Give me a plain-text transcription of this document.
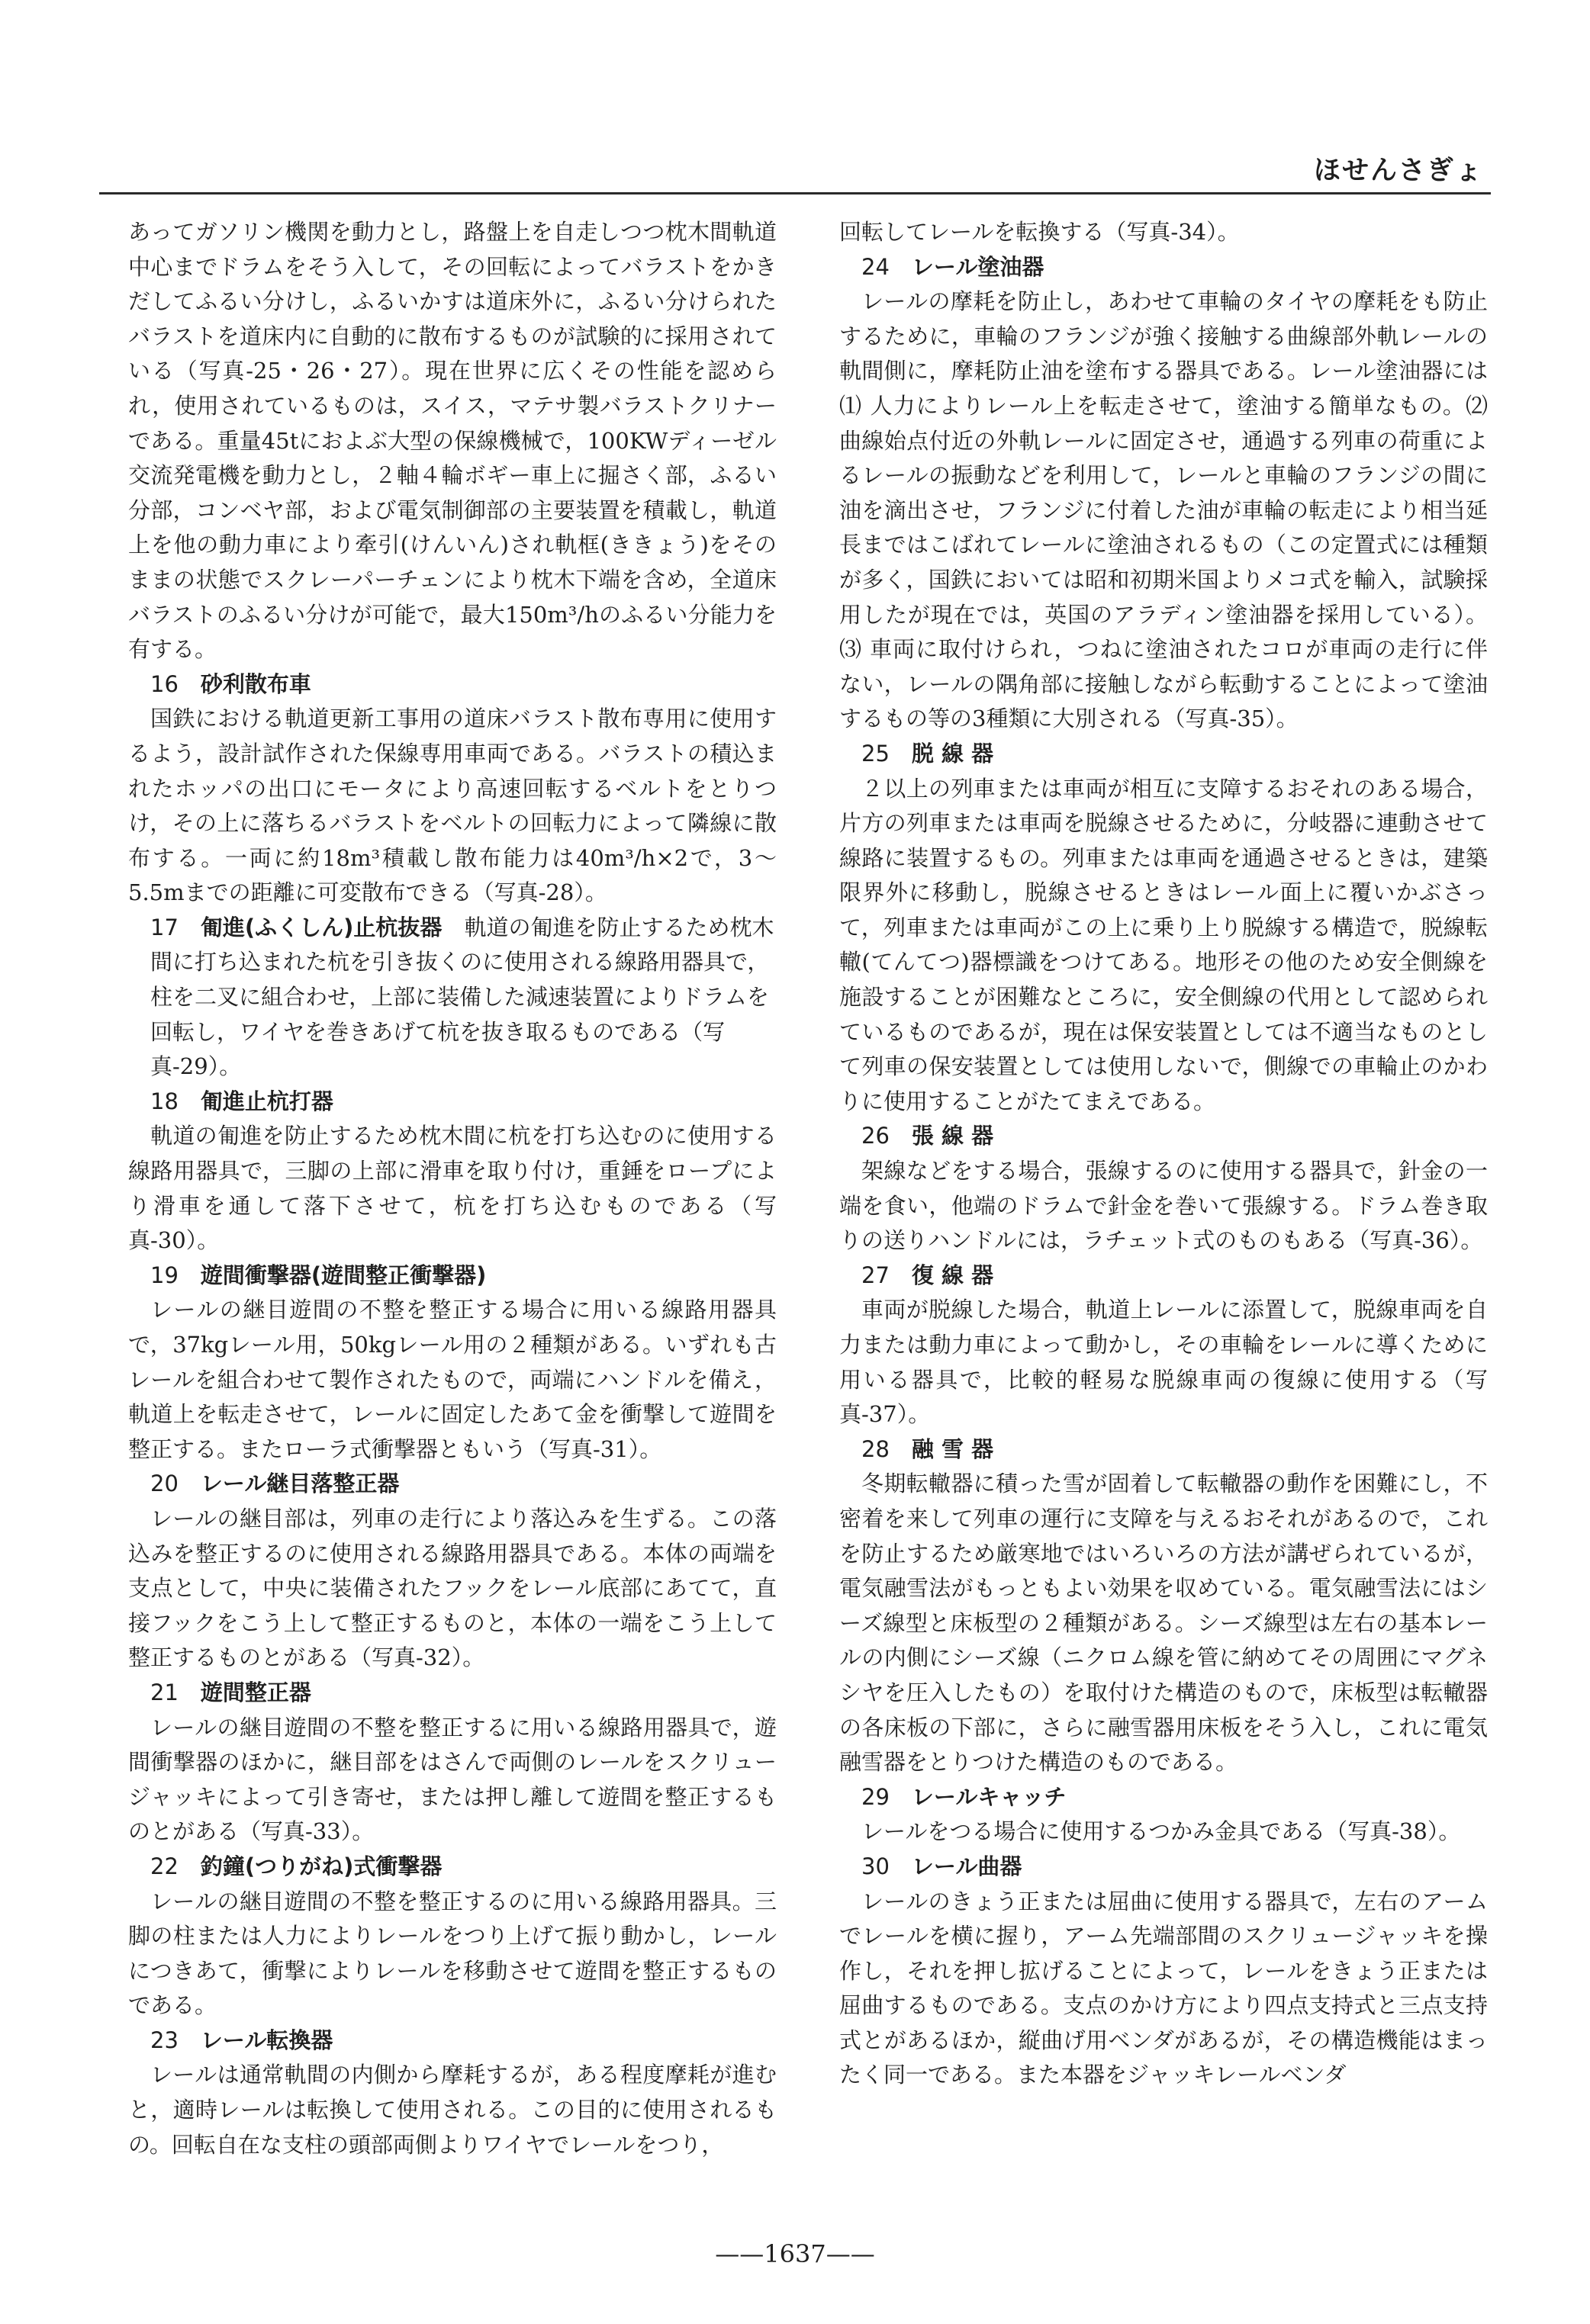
ほせんさぎょ

あってガソリン機関を動力とし，路盤上を自走しつつ枕木間軌道中心までドラムをそう入して，その回転によってバラストをかきだしてふるい分けし，ふるいかすは道床外に，ふるい分けられたバラストを道床内に自動的に散布するものが試験的に採用されている（写真-25・26・27）。現在世界に広くその性能を認められ，使用されているものは，スイス，マテサ製バラストクリナーである。重量45tにおよぶ大型の保線機械で，100KWディーゼル交流発電機を動力とし，２軸４輪ボギー車上に掘さく部，ふるい分部，コンベヤ部，および電気制御部の主要装置を積載し，軌道上を他の動力車により牽引(けんいん)され軌框(ききょう)をそのままの状態でスクレーパーチェンにより枕木下端を含め，全道床バラストのふるい分けが可能で，最大150m³/hのふるい分能力を有する。

16　 砂利散布車

国鉄における軌道更新工事用の道床バラスト散布専用に使用するよう，設計試作された保線専用車両である。バラストの積込まれたホッパの出口にモータにより高速回転するベルトをとりつけ，その上に落ちるバラストをベルトの回転力によって隣線に散布する。一両に約18m³積載し散布能力は40m³/h×2で，3～5.5mまでの距離に可変散布できる（写真-28）。

17　 匍進(ふくしん)止杭抜器　 軌道の匍進を防止するため枕木間に打ち込まれた杭を引き抜くのに使用される線路用器具で，柱を二叉に組合わせ，上部に装備した減速装置によりドラムを回転し，ワイヤを巻きあげて杭を抜き取るものである（写真-29）。
18　 匍進止杭打器

軌道の匍進を防止するため枕木間に杭を打ち込むのに使用する線路用器具で，三脚の上部に滑車を取り付け，重錘をロープにより滑車を通して落下させて，杭を打ち込むものである（写真-30）。

19　 遊間衝撃器(遊間整正衝撃器)

レールの継目遊間の不整を整正する場合に用いる線路用器具で，37kgレール用，50kgレール用の２種類がある。いずれも古レールを組合わせて製作されたもので，両端にハンドルを備え，軌道上を転走させて，レールに固定したあて金を衝撃して遊間を整正する。またローラ式衝撃器ともいう（写真-31）。

20　 レール継目落整正器

レールの継目部は，列車の走行により落込みを生ずる。この落込みを整正するのに使用される線路用器具である。本体の両端を支点として，中央に装備されたフックをレール底部にあてて，直接フックをこう上して整正するものと，本体の一端をこう上して整正するものとがある（写真-32）。

21　 遊間整正器

レールの継目遊間の不整を整正するに用いる線路用器具で，遊間衝撃器のほかに，継目部をはさんで両側のレールをスクリュージャッキによって引き寄せ，または押し離して遊間を整正するものとがある（写真-33）。

22　 釣鐘(つりがね)式衝撃器

レールの継目遊間の不整を整正するのに用いる線路用器具。三脚の柱または人力によりレールをつり上げて振り動かし，レールにつきあて，衝撃によりレールを移動させて遊間を整正するものである。

23　 レール転換器

レールは通常軌間の内側から摩耗するが，ある程度摩耗が進むと，適時レールは転換して使用される。この目的に使用されるもの。回転自在な支柱の頭部両側よりワイヤでレールをつり，

回転してレールを転換する（写真-34）。

24　 レール塗油器

レールの摩耗を防止し，あわせて車輪のタイヤの摩耗をも防止するために，車輪のフランジが強く接触する曲線部外軌レールの軌間側に，摩耗防止油を塗布する器具である。レール塗油器には ⑴ 人力によりレール上を転走させて，塗油する簡単なもの。⑵ 曲線始点付近の外軌レールに固定させ，通過する列車の荷重によるレールの振動などを利用して，レールと車輪のフランジの間に油を滴出させ，フランジに付着した油が車輪の転走により相当延長まではこばれてレールに塗油されるもの（この定置式には種類が多く，国鉄においては昭和初期米国よりメコ式を輸入，試験採用したが現在では，英国のアラディン塗油器を採用している）。⑶ 車両に取付けられ，つねに塗油されたコロが車両の走行に伴ない，レールの隅角部に接触しながら転動することによって塗油するもの等の3種類に大別される（写真-35）。

25　 脱 線 器

２以上の列車または車両が相互に支障するおそれのある場合，片方の列車または車両を脱線させるために，分岐器に連動させて線路に装置するもの。列車または車両を通過させるときは，建築限界外に移動し，脱線させるときはレール面上に覆いかぶさって，列車または車両がこの上に乗り上り脱線する構造で，脱線転轍(てんてつ)器標識をつけてある。地形その他のため安全側線を施設することが困難なところに，安全側線の代用として認められているものであるが，現在は保安装置としては不適当なものとして列車の保安装置としては使用しないで，側線での車輪止のかわりに使用することがたてまえである。

26　 張 線 器

架線などをする場合，張線するのに使用する器具で，針金の一端を食い，他端のドラムで針金を巻いて張線する。ドラム巻き取りの送りハンドルには，ラチェット式のものもある（写真-36）。

27　 復 線 器

車両が脱線した場合，軌道上レールに添置して，脱線車両を自力または動力車によって動かし，その車輪をレールに導くために用いる器具で，比較的軽易な脱線車両の復線に使用する（写真-37）。

28　 融 雪 器

冬期転轍器に積った雪が固着して転轍器の動作を困難にし，不密着を来して列車の運行に支障を与えるおそれがあるので，これを防止するため厳寒地ではいろいろの方法が講ぜられているが，電気融雪法がもっともよい効果を収めている。電気融雪法にはシーズ線型と床板型の２種類がある。シーズ線型は左右の基本レールの内側にシーズ線（ニクロム線を管に納めてその周囲にマグネシヤを圧入したもの）を取付けた構造のもので，床板型は転轍器の各床板の下部に，さらに融雪器用床板をそう入し，これに電気融雪器をとりつけた構造のものである。

29　 レールキャッチ

レールをつる場合に使用するつかみ金具である（写真-38）。

30　 レール曲器

レールのきょう正または屈曲に使用する器具で，左右のアームでレールを横に握り，アーム先端部間のスクリュージャッキを操作し，それを押し拡げることによって，レールをきょう正または屈曲するものである。支点のかけ方により四点支持式と三点支持式とがあるほか，縦曲げ用ベンダがあるが，その構造機能はまったく同一である。また本器をジャッキレールベンダ

——1637——
